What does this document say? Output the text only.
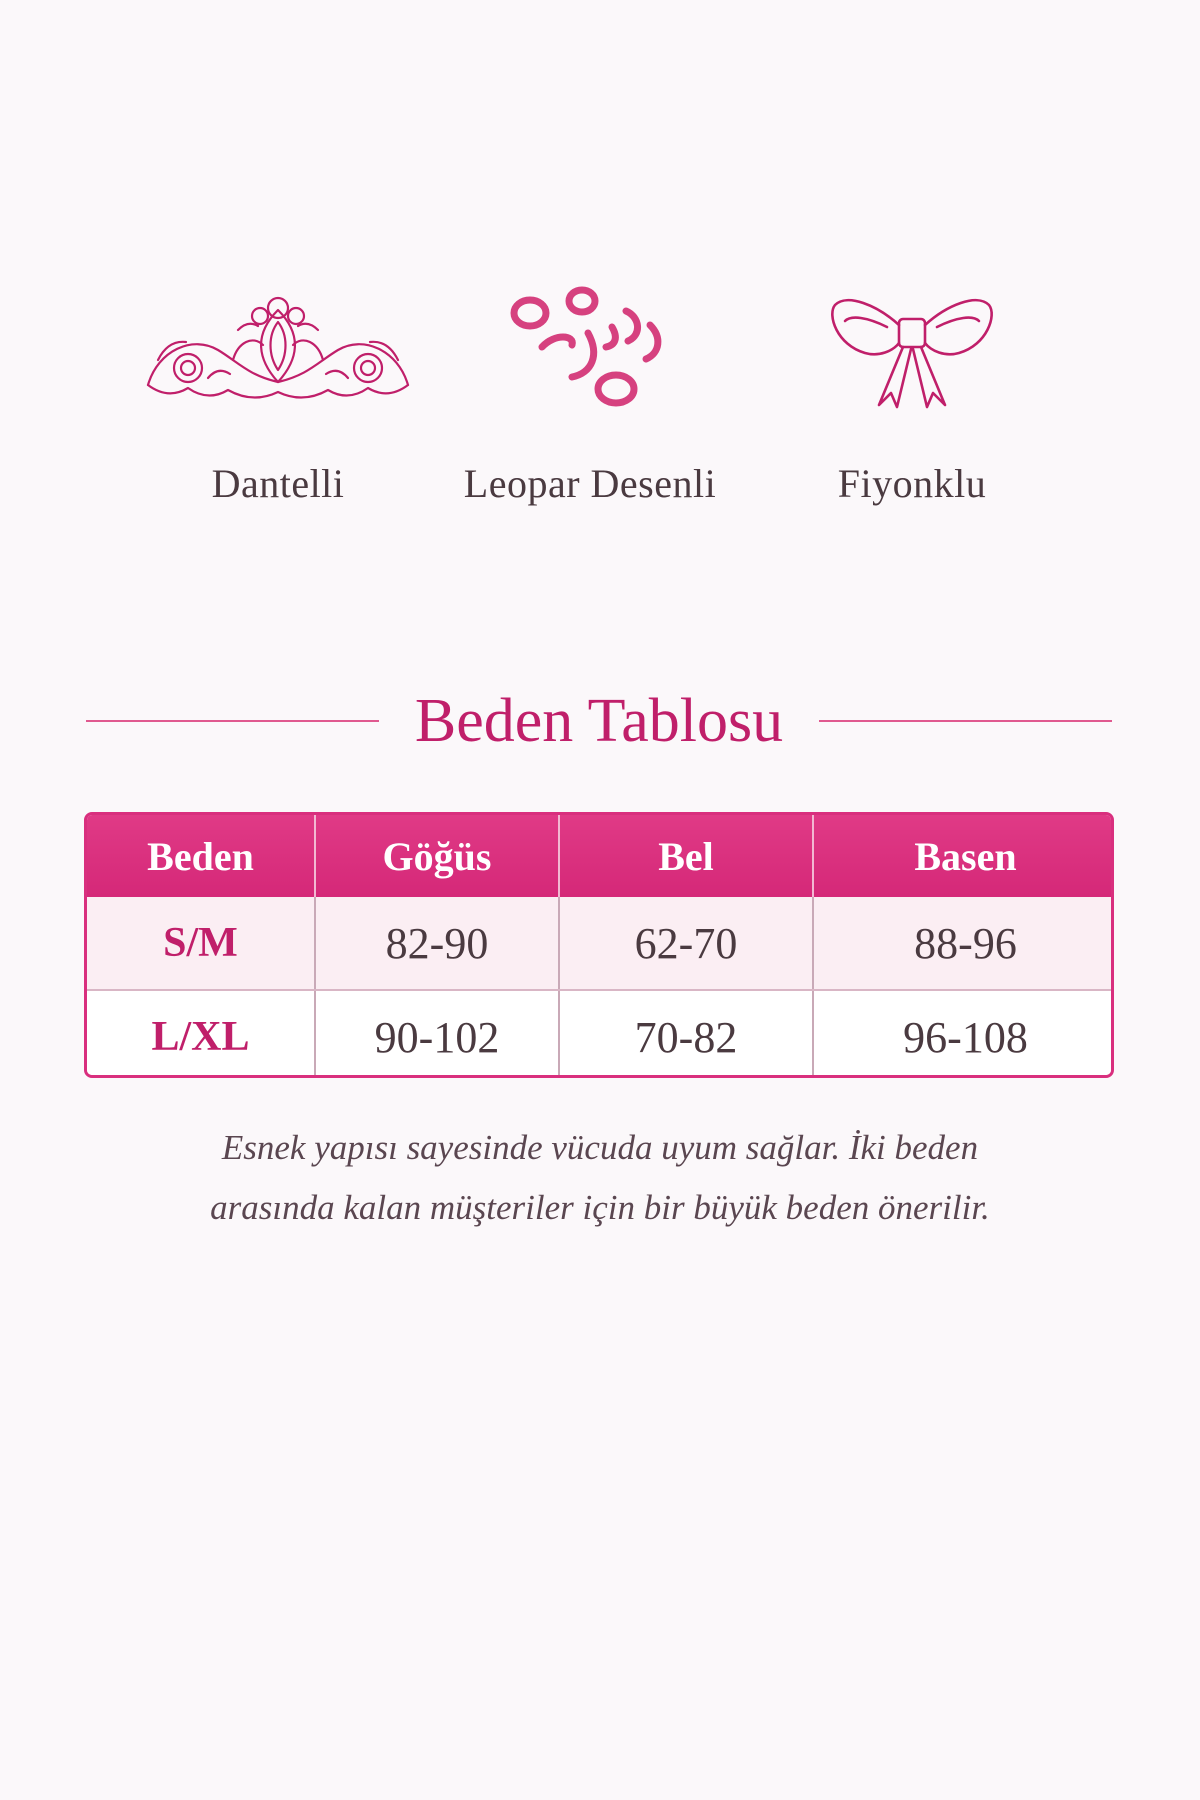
Dantelli	Leopar Desenli	Fiyonklu
Beden Tablosu
Beden	Göğüs	Bel	Basen
S/M	82-90	62-70	88-96
L/XL	90-102	70-82	96-108
Esnek yapısı sayesinde vücuda uyum sağlar. İki beden
arasında kalan müşteriler için bir büyük beden önerilir.
